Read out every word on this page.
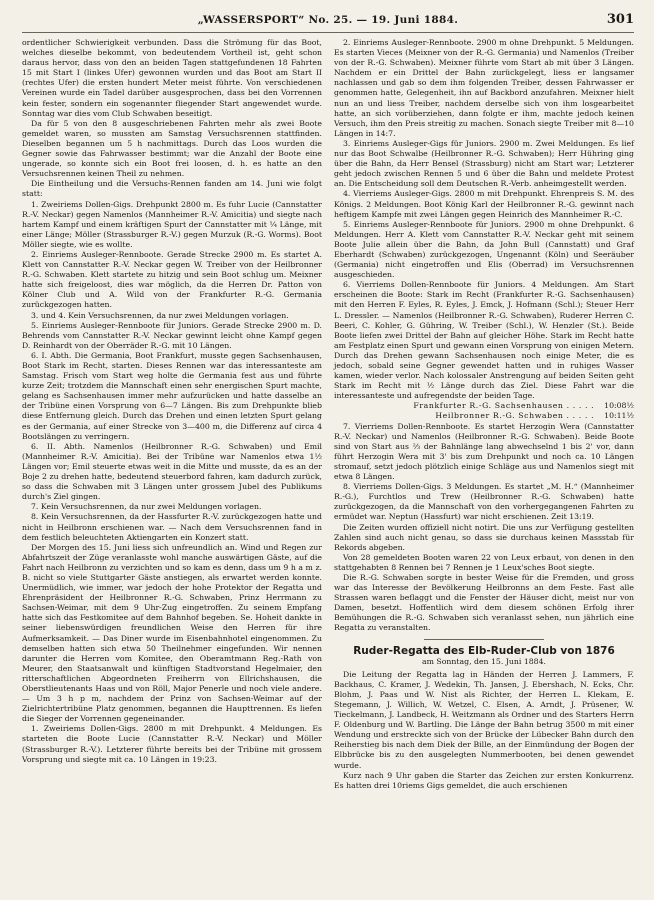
„WASSERSPORT“ No. 25. — 19. Juni 1884.	301

ordentlicher Schwierigkeit verbunden. Dass die Strömung für das Boot, welches dieselbe bekommt, von bedeutendem Vortheil ist, geht schon daraus hervor, dass von den an beiden Tagen stattgefundenen 18 Fahrten 15 mit Start I (linkes Ufer) gewonnen wurden und das Boot am Start II (rechtes Ufer) die ersten hundert Meter meist führte. Von verschiedenen Vereinen wurde ein Tadel darüber ausgesprochen, dass bei den Vorrennen kein fester, sondern ein sogenannter fliegender Start angewendet wurde. Sonntag war dies vom Club Schwaben beseitigt.

Da für 5 von den 8 ausgeschriebenen Fahrten mehr als zwei Boote gemeldet waren, so mussten am Samstag Versuchsrennen stattfinden. Dieselben begannen um 5 h nachmittags. Durch das Loos wurden die Gegner sowie das Fahrwasser bestimmt; war die Anzahl der Boote eine ungerade, so konnte sich ein Boot frei loosen, d. h. es hatte an den Versuchsrennen keinen Theil zu nehmen.

Die Eintheilung und die Versuchs-Rennen fanden am 14. Juni wie folgt statt:

1. Zweiriems Dollen-Gigs. Drehpunkt 2800 m. Es fuhr Lucie (Cannstatter R.-V. Neckar) gegen Namenlos (Mannheimer R.-V. Amicitia) und siegte nach hartem Kampf und einem kräftigen Spurt der Cannstatter mit ¼ Länge, mit einer Länge; Möller (Strassburger R.-V.) gegen Murzuk (R.-G. Worms). Boot Möller siegte, wie es wollte.

2. Einriems Ausleger-Rennboote. Gerade Strecke 2900 m. Es startet A. Klett von Cannstatter R.-V. Neckar gegen W. Treiber von der Heilbronner R.-G. Schwaben. Klett startete zu hitzig und sein Boot schlug um. Meixner hatte sich freigeloost, dies war möglich, da die Herren Dr. Patton von Kölner Club und A. Wild von der Frankfurter R.-G. Germania zurückgezogen hatten.

3. und 4. Kein Versuchsrennen, da nur zwei Meldungen vorlagen.

5. Einriems Ausleger-Rennboote für Juniors. Gerade Strecke 2900 m. D. Behrends vom Cannstatter R.-V. Neckar gewinnt leicht ohne Kampf gegen D. Reinhardt von der Oberräder R.-G. mit 10 Längen.

6. I. Abth. Die Germania, Boot Frankfurt, musste gegen Sachsenhausen, Boot Stark im Recht, starten. Dieses Rennen war das interessanteste am Samstag. Frisch vom Start weg holte die Germania fest aus und führte kurze Zeit; trotzdem die Mannschaft einen sehr energischen Spurt machte, gelang es Sachsenhausen immer mehr aufzurücken und hatte dasselbe an der Tribüne einen Vorsprung von 6—7 Längen. Bis zum Drehpunkte blieb diese Entfernung gleich. Durch das Drehen und einen letzten Spurt gelang es der Germania, auf einer Strecke von 3—400 m, die Differenz auf circa 4 Bootslängen zu verringern.

6. II. Abth. Namenlos (Heilbronner R.-G. Schwaben) und Emil (Mannheimer R.-V. Amicitia). Bei der Tribüne war Namenlos etwa 1½ Längen vor; Emil steuerte etwas weit in die Mitte und musste, da es an der Boje 2 zu drehen hatte, bedeutend steuerbord fahren, kam dadurch zurück, so dass die Schwaben mit 3 Längen unter grossem Jubel des Publikums durch's Ziel gingen.

7. Kein Versuchsrennen, da nur zwei Meldungen vorlagen.

8. Kein Versuchsrennen, da der Hassfurter R.-V. zurückgezogen hatte und nicht in Heilbronn erschienen war. — Nach dem Versuchsrennen fand in dem festlich beleuchteten Aktiengarten ein Konzert statt.

Der Morgen des 15. Juni liess sich unfreundlich an. Wind und Regen zur Abfahrtszeit der Züge veranlasste wohl manche auswärtigen Gäste, auf die Fahrt nach Heilbronn zu verzichten und so kam es denn, dass um 9 h a m z. B. nicht so viele Stuttgarter Gäste anstiegen, als erwartet werden konnte. Unermüdlich, wie immer, war jedoch der hohe Protektor der Regatta und Ehrenpräsident der Heilbronner R.-G. Schwaben, Prinz Herrmann zu Sachsen-Weimar, mit dem 9 Uhr-Zug eingetroffen. Zu seinem Empfang hatte sich das Festkomitee auf dem Bahnhof begeben. Se. Hoheit dankte in seiner liebenswürdigen freundlichen Weise den Herren für ihre Aufmerksamkeit. — Das Diner wurde im Eisenbahnhotel eingenommen. Zu demselben hatten sich etwa 50 Theilnehmer eingefunden. Wir nennen darunter die Herren vom Komitee, den Oberamtmann Reg.-Rath von Meurer, den Staatsanwalt und künftigen Stadtvorstand Hegelmaier, den ritterschaftlichen Abgeordneten Freiherrn von Ellrichshausen, die Oberstlieutenants Haas und von Röll, Major Penerle und noch viele andere. — Um 3 h p m, nachdem der Prinz von Sachsen-Weimar auf der Zielrichtertribüne Platz genommen, begannen die Haupttrennen. Es liefen die Sieger der Vorrennen gegeneinander.

1. Zweiriems Dollen-Gigs. 2800 m mit Drehpunkt. 4 Meldungen. Es starteten die Boote Lucie (Cannstatter R.-V. Neckar) und Möller (Strassburger R.-V.). Letzterer führte bereits bei der Tribüne mit grossem Vorsprung und siegte mit ca. 10 Längen in 19:23.

2. Einriems Ausleger-Rennboote. 2900 m ohne Drehpunkt. 5 Meldungen. Es starten Vieces (Meixner von der R.-G. Germania) und Namenlos (Treiber von der R.-G. Schwaben). Meixner führte vom Start ab mit über 3 Längen. Nachdem er ein Drittel der Bahn zurückgelegt, liess er langsamer nachlassen und gab so dem ihm folgenden Treiber, dessen Fahrwasser er genommen hatte, Gelegenheit, ihn auf Backbord anzufahren. Meixner hielt nun an und liess Treiber, nachdem derselbe sich von ihm losgearbeitet hatte, an sich vorüberziehen, dann folgte er ihm, machte jedoch keinen Versuch, ihm den Preis streitig zu machen. Sonach siegte Treiber mit 8—10 Längen in 14:7.

3. Einriems Ausleger-Gigs für Juniors. 2900 m. Zwei Meldungen. Es lief nur das Boot Schwalbe (Heilbronner R.-G. Schwaben); Herr Hühring ging über die Bahn, da Herr Bensel (Strassburg) nicht am Start war; Letzterer geht jedoch zwischen Rennen 5 und 6 über die Bahn und meldete Protest an. Die Entscheidung soll dem Deutschen R.-Verb. anheimgestellt werden.

4. Vierriems Ausleger-Gigs. 2800 m mit Drehpunkt. Ehrenpreis S. M. des Königs. 2 Meldungen. Boot König Karl der Heilbronner R.-G. gewinnt nach heftigem Kampfe mit zwei Längen gegen Heinrich des Mannheimer R.-C.

5. Einriems Ausleger-Rennboote für Juniors. 2900 m ohne Drehpunkt. 6 Meldungen. Herr A. Klett vom Cannstatter R.-V. Neckar geht mit seinem Boote Julie allein über die Bahn, da John Bull (Cannstatt) und Graf Eberhardt (Schwaben) zurückgezogen, Ungenannt (Köln) und Seeräuber (Germania) nicht eingetroffen und Elis (Oberrad) im Versuchsrennen ausgeschieden.

6. Vierriems Dollen-Rennboote für Juniors. 4 Meldungen. Am Start erscheinen die Boote: Stark im Recht (Frankfurter R.-G. Sachsenhausen) mit den Herren F. Eyles, R. Eyles, J. Emck, J. Hofmann (Schl.); Steuer Herr L. Dressler. — Namenlos (Heilbronner R.-G. Schwaben), Ruderer Herren C. Beeri, C. Kohler, G. Gühring, W. Treiber (Schl.), W. Henzler (St.). Beide Boote liefen zwei Drittel der Bahn auf gleicher Höhe. Stark im Recht hatte am Festplatz einen Spurt und gewann einen Vorsprung von einigen Metern. Durch das Drehen gewann Sachsenhausen noch einige Meter, die es jedoch, sobald seine Gegner gewendet hatten und in ruhiges Wasser kamen, wieder verlor. Nach kolossaler Anstrengung auf beiden Seiten geht Stark im Recht mit ½ Länge durch das Ziel. Diese Fahrt war die interessanteste und aufregendste der beiden Tage.

Frankfurter R.-G. Sachsenhausen . . . . . 10:08½
Heilbronner R.-G. Schwaben . . . . . 10:11½

7. Vierriems Dollen-Rennboote. Es startet Herzogin Wera (Cannstatter R.-V. Neckar) und Namenlos (Heilbronner R.-G. Schwaben). Beide Boote sind von Start aus ⅔ der Bahnlänge lang abwechselnd 1 bis 2' vor, dann führt Herzogin Wera mit 3' bis zum Drehpunkt und noch ca. 10 Längen stromauf, setzt jedoch plötzlich einige Schläge aus und Namenlos siegt mit etwa 8 Längen.

8. Vierriems Dollen-Gigs. 3 Meldungen. Es startet „M. H.“ (Mannheimer R.-G.), Furchtlos und Trew (Heilbronner R.-G. Schwaben) hatte zurückgezogen, da die Mannschaft von den vorhergegangenen Fahrten zu ermüdet war. Neptun (Hassfurt) war nicht erschienen. Zeit 13:19.

Die Zeiten wurden offiziell nicht notirt. Die uns zur Verfügung gestellten Zahlen sind auch nicht genau, so dass sie durchaus keinen Massstab für Rekords abgeben.

Von 28 gemeldeten Booten waren 22 von Leux erbaut, von denen in den stattgehabten 8 Rennen bei 7 Rennen je 1 Leux'sches Boot siegte.

Die R.-G. Schwaben sorgte in bester Weise für die Fremden, und gross war das Interesse der Bevölkerung Heilbronns an dem Feste. Fast alle Strassen waren beflaggt und die Fenster der Häuser dicht, meist nur von Damen, besetzt. Hoffentlich wird dem diesem schönen Erfolg ihrer Bemühungen die R.-G. Schwaben sich veranlasst sehen, nun jährlich eine Regatta zu veranstalten.

Ruder-Regatta des Elb-Ruder-Club von 1876
am Sonntag, den 15. Juni 1884.

Die Leitung der Regatta lag in Händen der Herren J. Lammers, F. Backhaus, C. Kramer, J. Wedekin, Th. Jansen, J. Ebershach, N. Ecks, Chr. Blohm, J. Paas und W. Nist als Richter, der Herren L. Klekam, E. Stegemann, J. Willich, W. Wetzel, C. Elsen, A. Arndt, J. Prüsener, W. Tieckelmann, J. Landbeck, H. Weitzmann als Ordner und des Starters Herrn F. Oldenburg und W. Bartling. Die Länge der Bahn betrug 3500 m mit einer Wendung und erstreckte sich von der Brücke der Lübecker Bahn durch den Reiherstieg bis nach dem Diek der Bille, an der Einmündung der Bogen der Elbbrücke bis zu den ausgelegten Nummerbooten, bei denen gewendet wurde.

Kurz nach 9 Uhr gaben die Starter das Zeichen zur ersten Konkurrenz. Es hatten drei 10riems Gigs gemeldet, die auch erschienen
